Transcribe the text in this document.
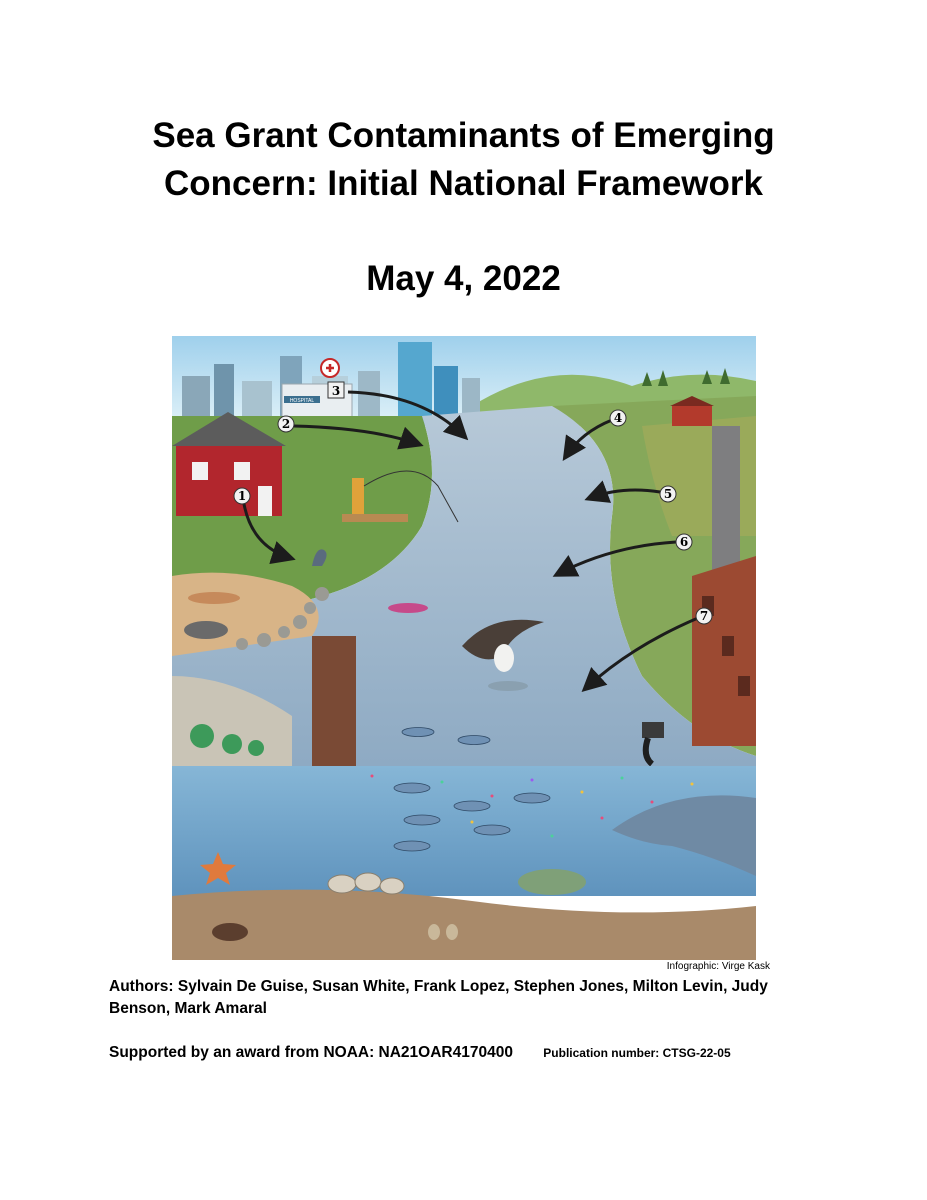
Sea Grant Contaminants of Emerging
Concern: Initial National Framework
May 4, 2022
HOSPITAL
1
2
3
4
5
6
7
Infographic: Virge Kask
Authors: Sylvain De Guise, Susan White, Frank Lopez, Stephen Jones, Milton Levin, Judy
Benson, Mark Amaral
Supported by an award from NOAA: NA21OAR4170400	Publication number: CTSG-22-05
